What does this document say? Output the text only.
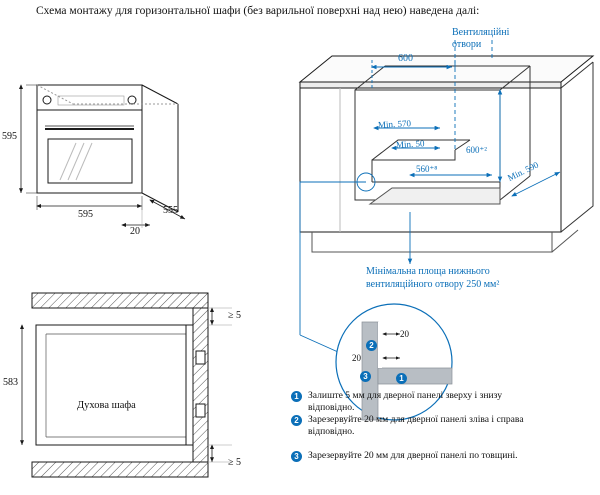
Схема монтажу для горизонтальної шафи (без варильної поверхні над нею) наведена далі:
595
595	555
20
583
Духова шафа
≥ 5
≥ 5
Вентиляційні
отвори
600
Min. 570
Min. 50
560⁺⁸
600⁺²
Min. 590
Мінімальна площа нижнього
вентиляційного отвору 250 мм²
20
20
2
3	1
1 Залиште 5 мм для дверної панелі зверху і знизу відповідно.
2 Зарезервуйте 20 мм для дверної панелі зліва і справа відповідно.
3 Зарезервуйте 20 мм для дверної панелі по товщині.
